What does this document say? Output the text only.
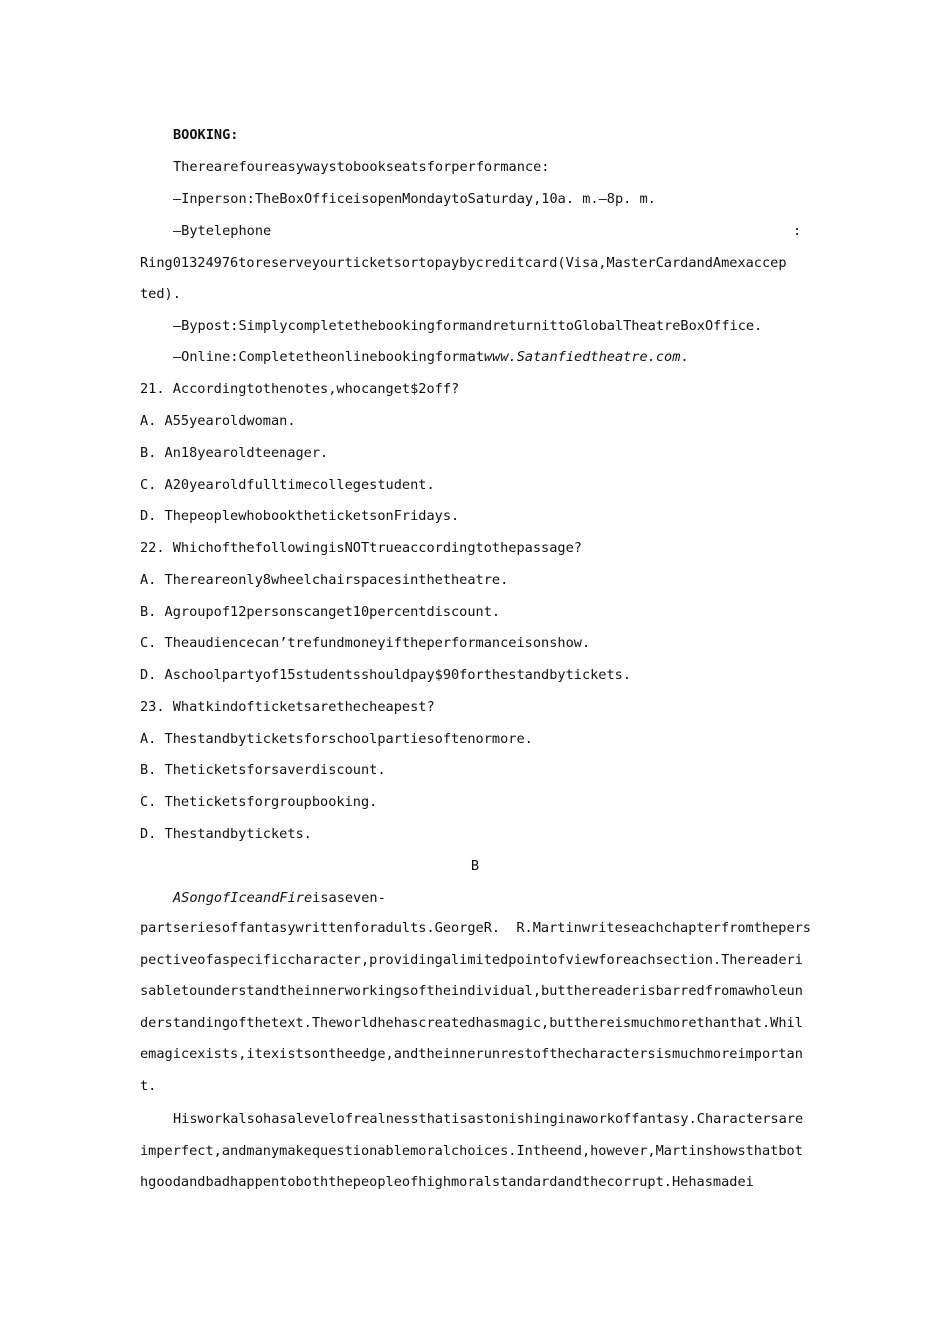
BOOKING:
Therearefoureasywaystobookseatsforperformance:
—Inperson:TheBoxOfficeisopenMondaytoSaturday,10a. m.—8p. m.
—Bytelephone	:
Ring01324976toreserveyourticketsortopaybycreditcard(Visa,MasterCardandAmexaccep
ted).
—Bypost:SimplycompletethebookingformandreturnittoGlobalTheatreBoxOffice.
—Online:Completetheonlinebookingformatwww.Satanfiedtheatre.com.
21. Accordingtothenotes,whocanget$2off?
A. A55yearoldwoman.
B. An18yearoldteenager.
C. A20yearoldfulltimecollegestudent.
D. ThepeoplewhobooktheticketsonFridays.
22. WhichofthefollowingisNOTtrueaccordingtothepassage?
A. Thereareonly8wheelchairspacesinthetheatre.
B. Agroupof12personscanget10percentdiscount.
C. Theaudiencecan’trefundmoneyiftheperformanceisonshow.
D. Aschoolpartyof15studentsshouldpay$90forthestandbytickets.
23. Whatkindofticketsarethecheapest?
A. Thestandbyticketsforschoolpartiesoftenormore.
B. Theticketsforsaverdiscount.
C. Theticketsforgroupbooking.
D. Thestandbytickets.
B
ASongofIceandFireisaseven-

partseriesoffantasywrittenforadults.GeorgeR. R.Martinwriteseachchapterfromtheperspectiveofaspecificcharacter,providingalimitedpointofviewforeachsection.Thereaderisabletounderstandtheinnerworkingsoftheindividual,butthereaderisbarredfromawholeunderstandingofthetext.Theworldhehascreatedhasmagic,butthereismuchmorethanthat.Whilemagicexists,itexistsontheedge,andtheinnerunrestofthecharactersismuchmoreimportant.

Hisworkalsohasalevelofrealnessthatisastonishinginaworkoffantasy.Charactersareimperfect,andmanymakequestionablemoralchoices.Intheend,however,Martinshowsthatbothgoodandbadhappentoboththepeopleofhighmoralstandardandthecorrupt.Hehasmadei
